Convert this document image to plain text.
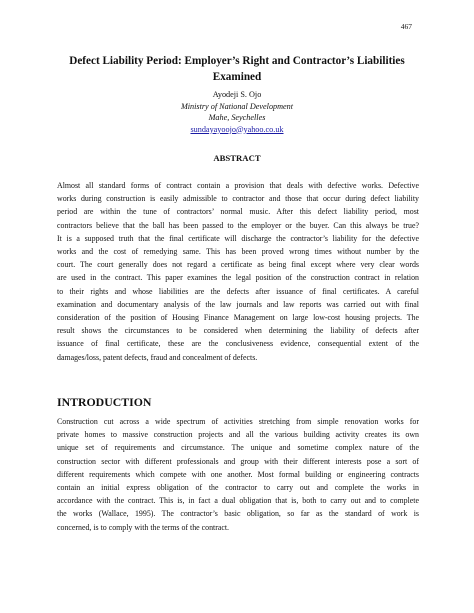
467
Defect Liability Period: Employer’s Right and Contractor’s Liabilities
Examined
Ayodeji S. Ojo
Ministry of National Development
Mahe, Seychelles
sundayayoojo@yahoo.co.uk
ABSTRACT
Almost all standard forms of contract contain a provision that deals with defective works. Defective
works during construction is easily admissible to contractor and those that occur during defect liability
period are within the tune of contractors’ normal music. After this defect liability period, most
contractors believe that the ball has been passed to the employer or the buyer. Can this always be true?
It is a supposed truth that the final certificate will discharge the contractor’s liability for the defective
works and the cost of remedying same. This has been proved wrong times without number by the
court. The court generally does not regard a certificate as being final except where very clear words
are used in the contract. This paper examines the legal position of the construction contract in relation
to their rights and whose liabilities are the defects after issuance of final certificates. A careful
examination and documentary analysis of the law journals and law reports was carried out with final
consideration of the position of Housing Finance Management on large low-cost housing projects. The
result shows the circumstances to be considered when determining the liability of defects after
issuance of final certificate, these are the conclusiveness evidence, consequential extent of the
damages/loss, patent defects, fraud and concealment of defects.
INTRODUCTION
Construction cut across a wide spectrum of activities stretching from simple renovation works for
private homes to massive construction projects and all the various building activity creates its own
unique set of requirements and circumstance. The unique and sometime complex nature of the
construction sector with different professionals and group with their different interests pose a sort of
different requirements which compete with one another. Most formal building or engineering contracts
contain an initial express obligation of the contractor to carry out and complete the works in
accordance with the contract. This is, in fact a dual obligation that is, both to carry out and to complete
the works (Wallace, 1995). The contractor’s basic obligation, so far as the standard of work is
concerned, is to comply with the terms of the contract.
